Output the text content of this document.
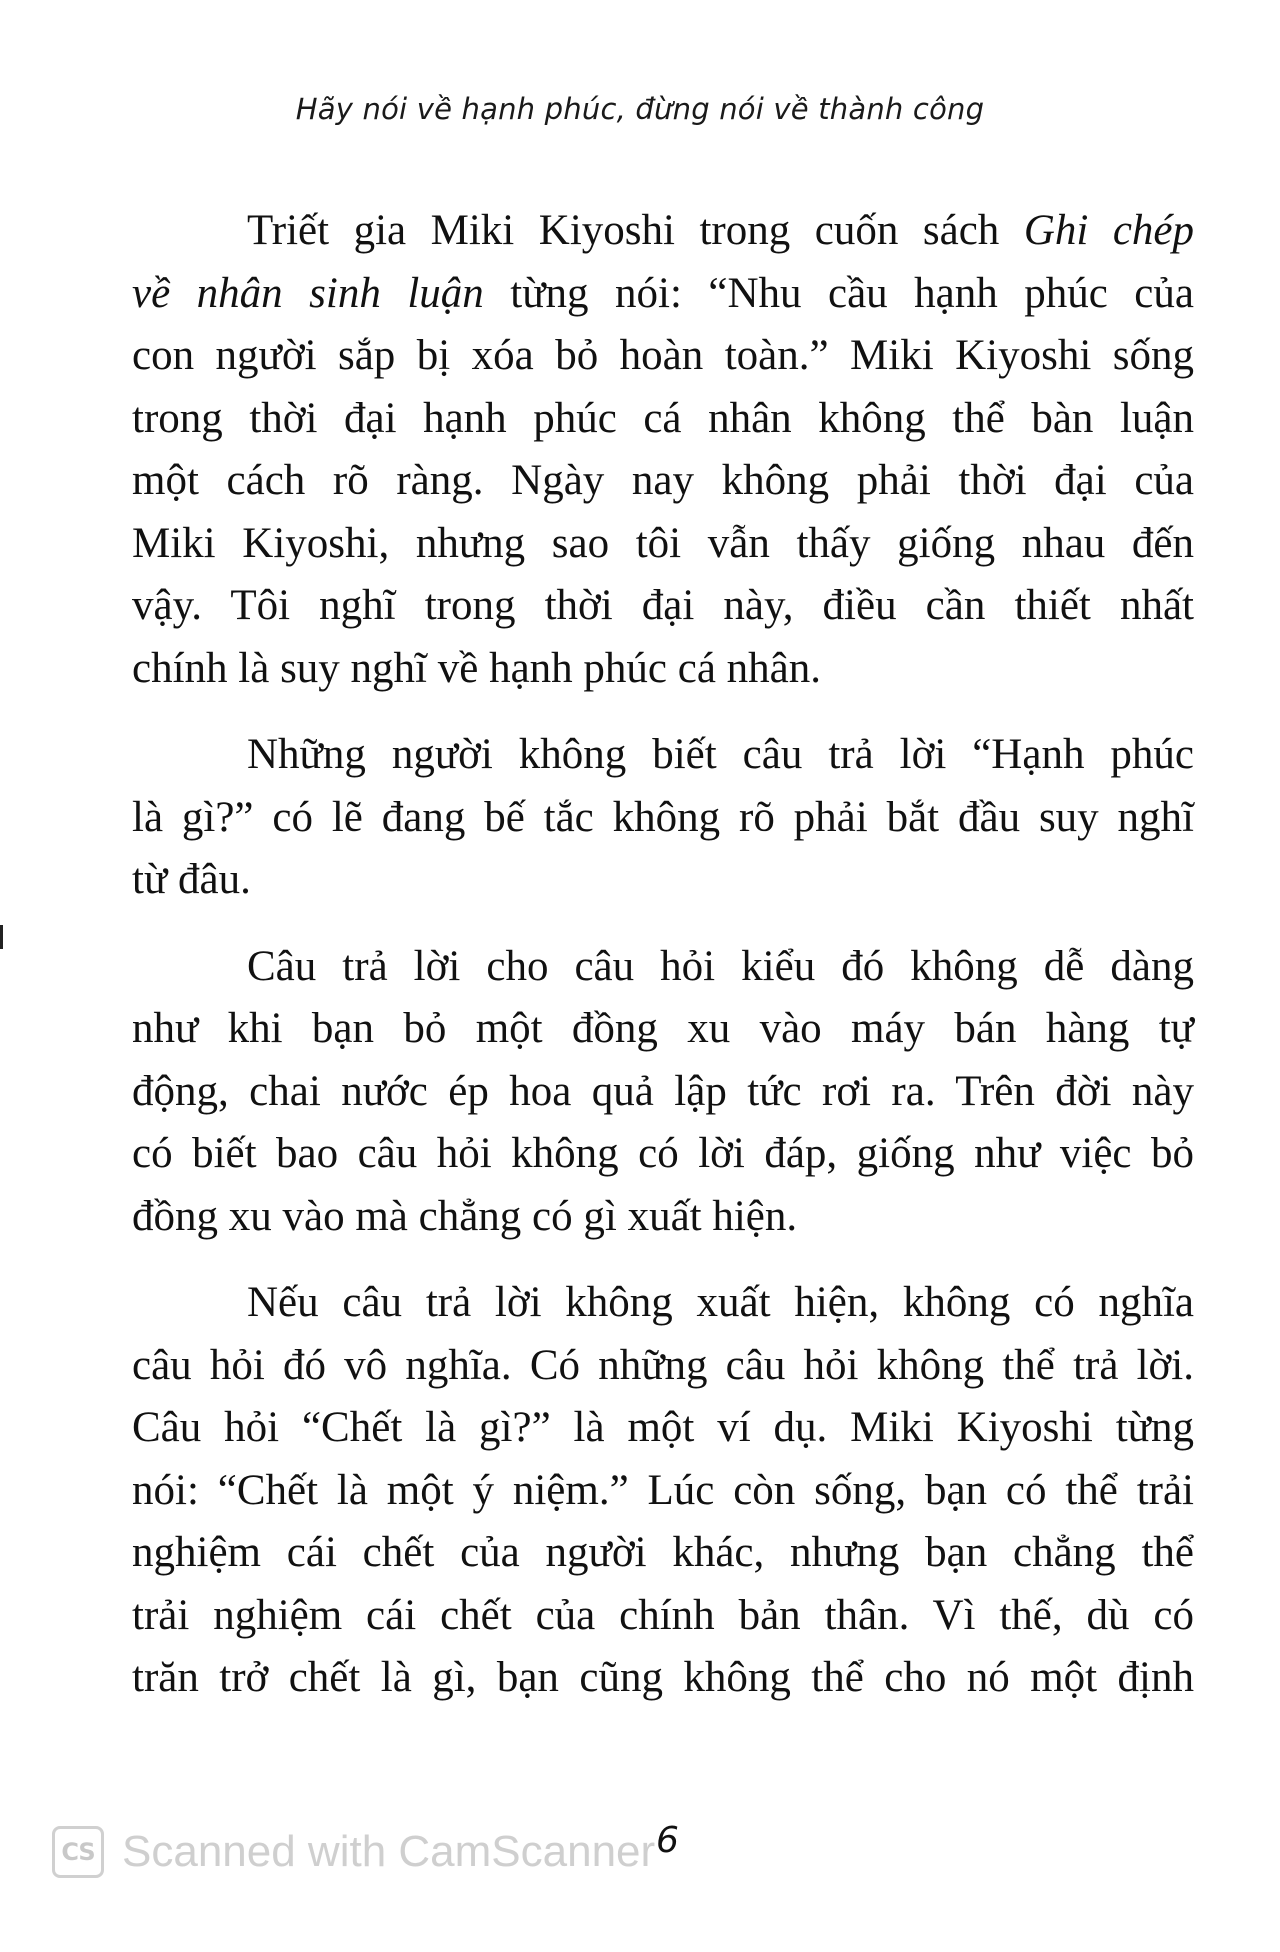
Hãy nói về hạnh phúc, đừng nói về thành công
Triết gia Miki Kiyoshi trong cuốn sách Ghi chép
về nhân sinh luận từng nói: “Nhu cầu hạnh phúc của
con người sắp bị xóa bỏ hoàn toàn.” Miki Kiyoshi sống
trong thời đại hạnh phúc cá nhân không thể bàn luận
một cách rõ ràng. Ngày nay không phải thời đại của
Miki Kiyoshi, nhưng sao tôi vẫn thấy giống nhau đến
vậy. Tôi nghĩ trong thời đại này, điều cần thiết nhất
chính là suy nghĩ về hạnh phúc cá nhân.
Những người không biết câu trả lời “Hạnh phúc
là gì?” có lẽ đang bế tắc không rõ phải bắt đầu suy nghĩ
từ đâu.
Câu trả lời cho câu hỏi kiểu đó không dễ dàng
như khi bạn bỏ một đồng xu vào máy bán hàng tự
động, chai nước ép hoa quả lập tức rơi ra. Trên đời này
có biết bao câu hỏi không có lời đáp, giống như việc bỏ
đồng xu vào mà chẳng có gì xuất hiện.
Nếu câu trả lời không xuất hiện, không có nghĩa
câu hỏi đó vô nghĩa. Có những câu hỏi không thể trả lời.
Câu hỏi “Chết là gì?” là một ví dụ. Miki Kiyoshi từng
nói: “Chết là một ý niệm.” Lúc còn sống, bạn có thể trải
nghiệm cái chết của người khác, nhưng bạn chẳng thể
trải nghiệm cái chết của chính bản thân. Vì thế, dù có
trăn trở chết là gì, bạn cũng không thể cho nó một định
6
CS Scanned with CamScanner
